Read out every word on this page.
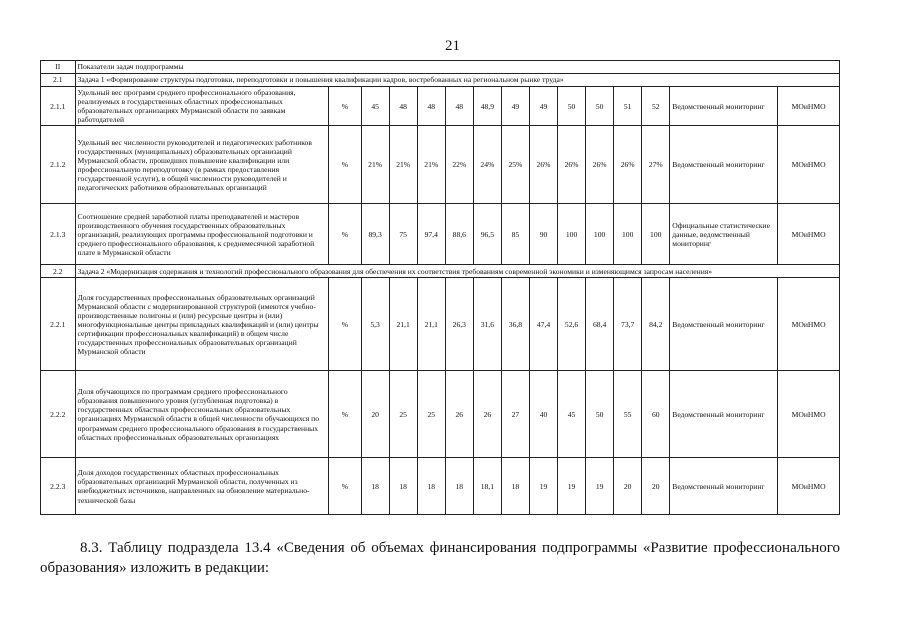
21
II	Показатели задач подпрограммы														
2.1	Задача 1 «Формирование структуры подготовки, переподготовки и повышения квалификации кадров, востребованных на региональном рынке труда»														
2.1.1	Удельный вес программ среднего профессионального образования, реализуемых в государственных областных профессиональных образовательных организациях Мурманской области по заявкам работодателей	%	45	48	48	48	48,9	49	49	50	50	51	52	Ведомственный мониторинг	МОиНМО
2.1.2	Удельный вес численности руководителей и педагогических работников государственных (муниципальных) образовательных организаций Мурманской области, прошедших повышение квалификации или профессиональную переподготовку (в рамках предоставления государственной услуги), в общей численности руководителей и педагогических работников образовательных организаций	%	21%	21%	21%	22%	24%	25%	26%	26%	26%	26%	27%	Ведомственный мониторинг	МОиНМО
2.1.3	Соотношение средней заработной платы преподавателей и мастеров производственного обучения государственных образовательных организаций, реализующих программы профессиональной подготовки и среднего профессионального образования, к среднемесячной заработной плате в Мурманской области	%	89,3	75	97,4	88,6	96,5	85	90	100	100	100	100	Официальные статистические данные, ведомственный мониторинг	МОиНМО
2.2	Задача 2 «Модернизация содержания и технологий профессионального образования для обеспечения их соответствия требованиям современной экономики и изменяющимся запросам населения»														
2.2.1	Доля государственных профессиональных образовательных организаций Мурманской области с модернизированной структурой (имеются учебно-производственные полигоны и (или) ресурсные центры и (или) многофункциональные центры прикладных квалификаций и (или) центры сертификации профессиональных квалификаций) в общем числе государственных профессиональных образовательных организаций Мурманской области	%	5,3	21,1	21,1	26,3	31,6	36,8	47,4	52,6	68,4	73,7	84,2	Ведомственный мониторинг	МОиНМО
2.2.2	Доля обучающихся по программам среднего профессионального образования повышенного уровня (углубленная подготовка) в государственных областных профессиональных образовательных организациях Мурманской области в общей численности обучающихся по программам среднего профессионального образования в государственных областных профессиональных образовательных организациях	%	20	25	25	26	26	27	40	45	50	55	60	Ведомственный мониторинг	МОиНМО
2.2.3	Доля доходов государственных областных профессиональных образовательных организаций Мурманской области, полученных из внебюджетных источников, направленных на обновление материально-технической базы	%	18	18	18	18	18,1	18	19	19	19	20	20	Ведомственный мониторинг	МОиНМО
8.3. Таблицу подраздела 13.4 «Сведения об объемах финансирования подпрограммы «Развитие профессионального образования» изложить в редакции:
